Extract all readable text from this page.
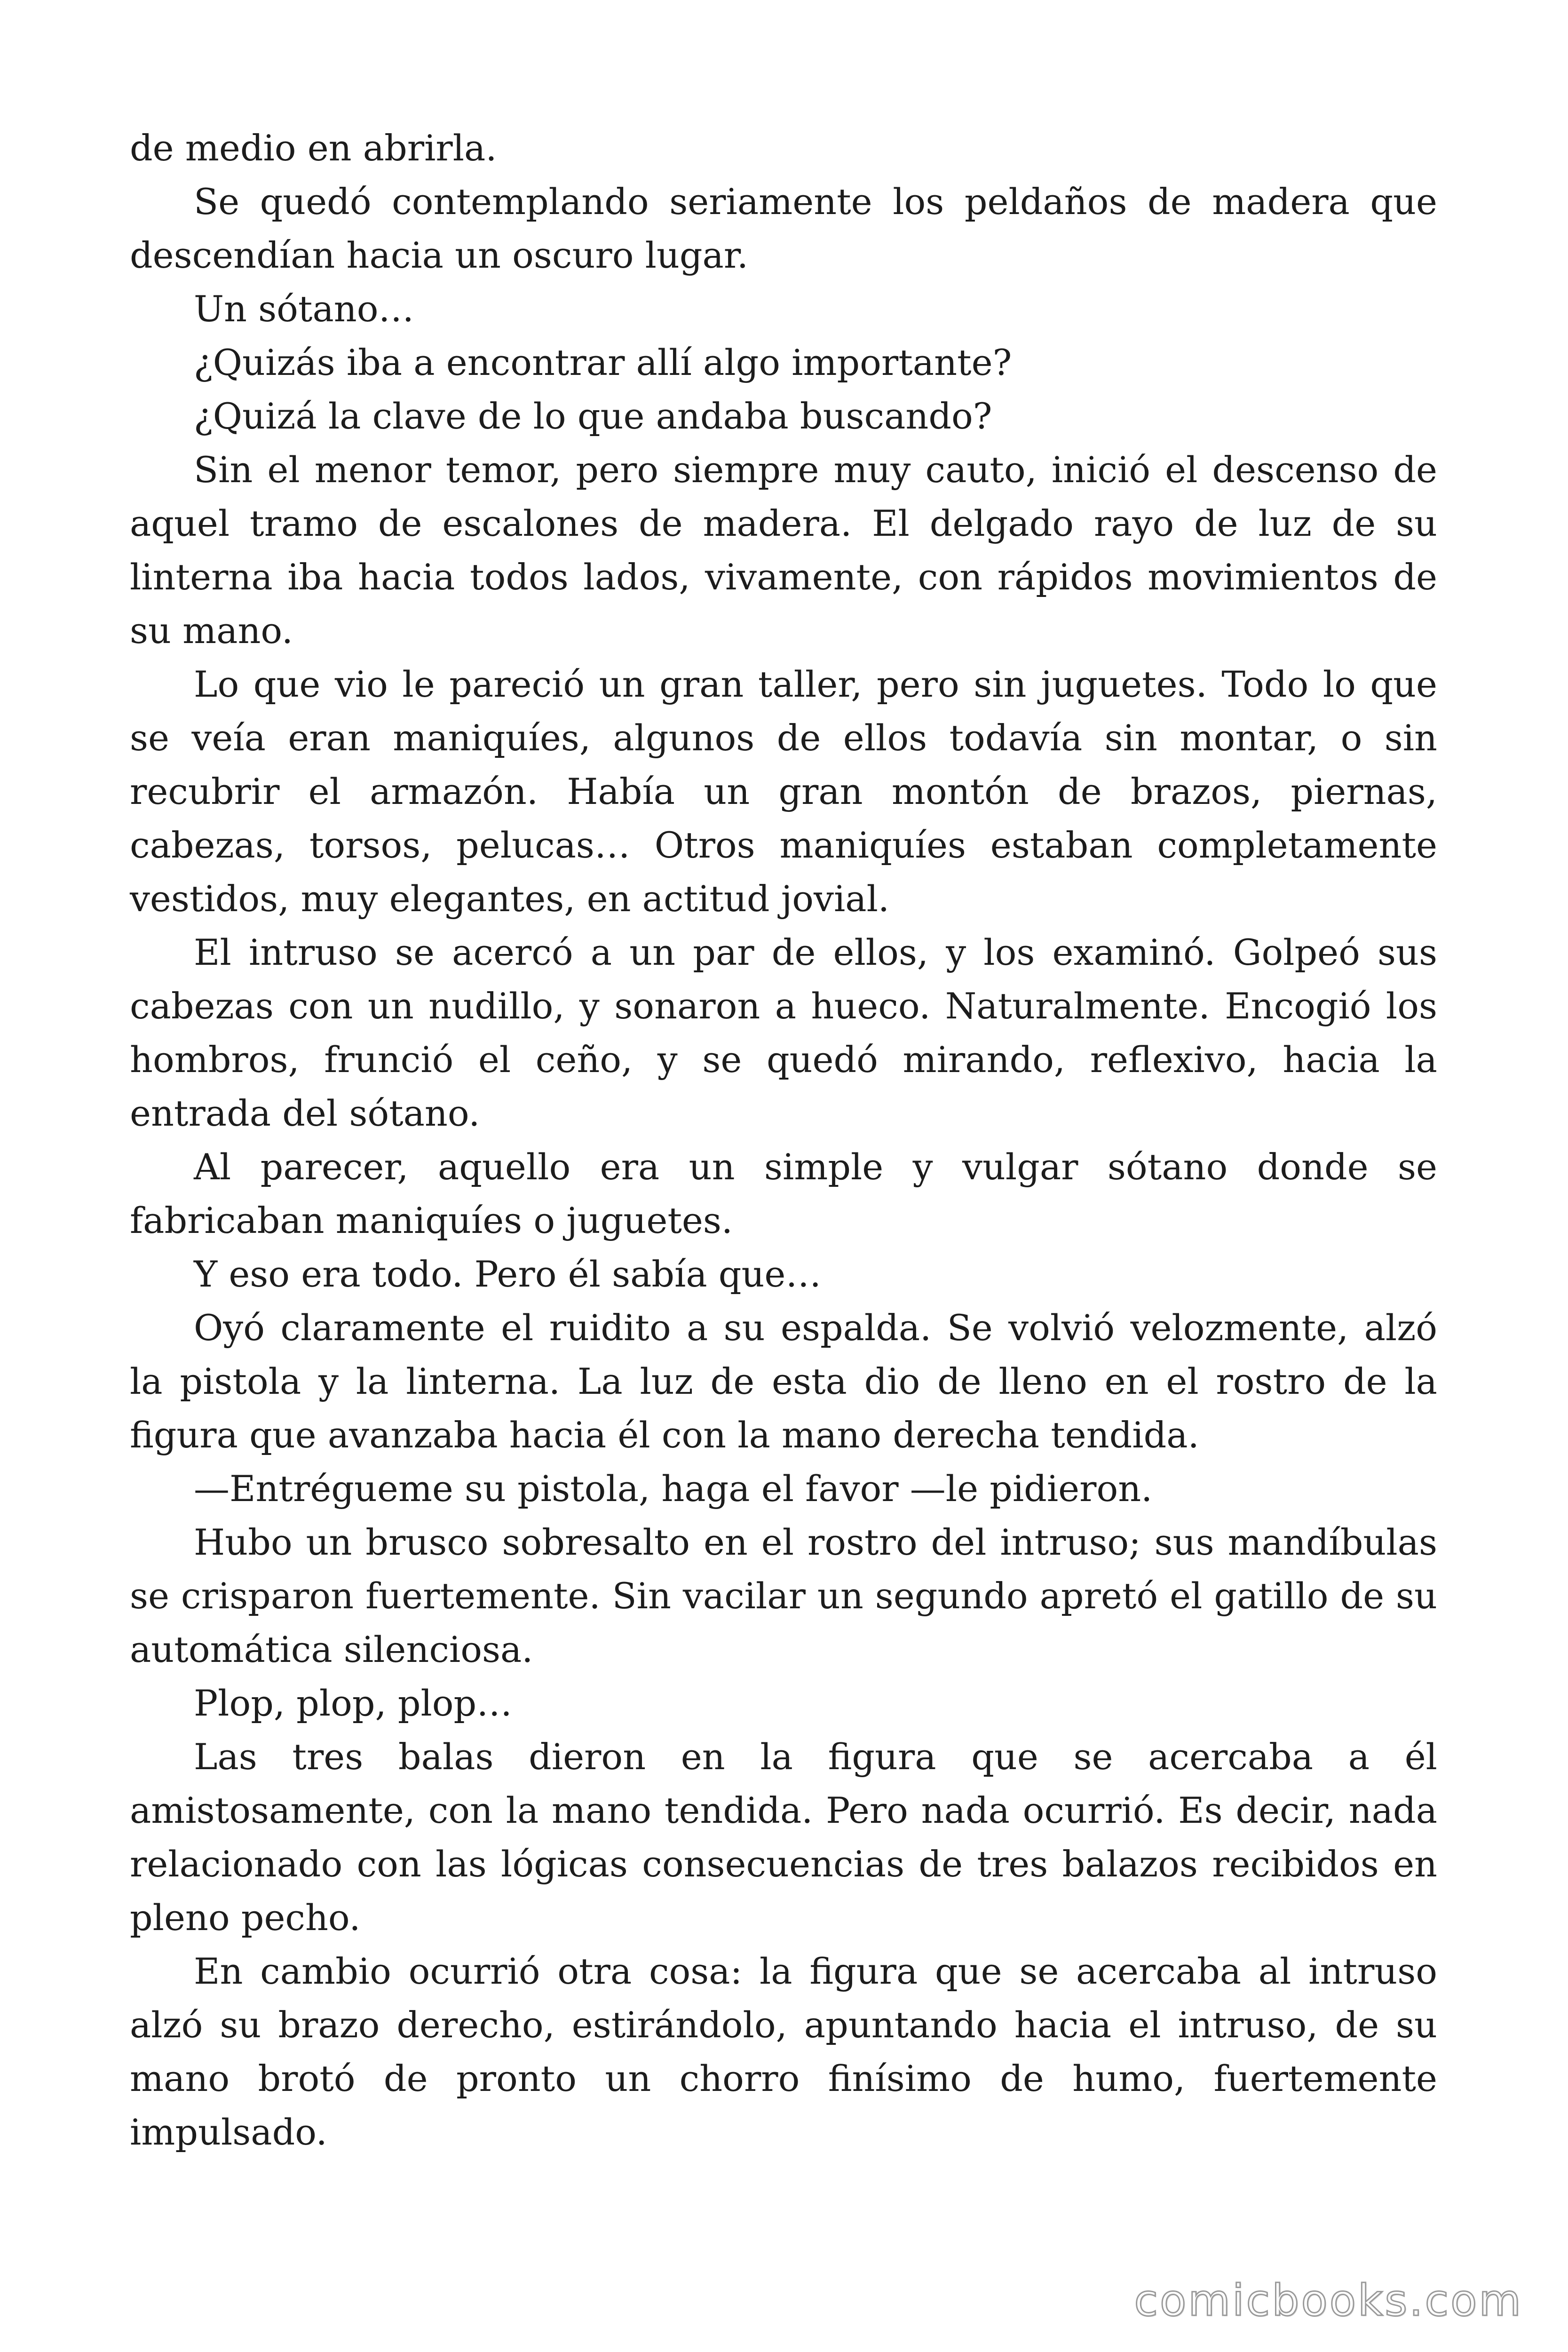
de medio en abrirla.

Se quedó contemplando seriamente los peldaños de madera que descendían hacia un oscuro lugar.

Un sótano…

¿Quizás iba a encontrar allí algo importante?

¿Quizá la clave de lo que andaba buscando?

Sin el menor temor, pero siempre muy cauto, inició el descenso de aquel tramo de escalones de madera. El delgado rayo de luz de su linterna iba hacia todos lados, vivamente, con rápidos movimientos de su mano.

Lo que vio le pareció un gran taller, pero sin juguetes. Todo lo que se veía eran maniquíes, algunos de ellos todavía sin montar, o sin recubrir el armazón. Había un gran montón de brazos, piernas, cabezas, torsos, pelucas… Otros maniquíes estaban completamente vestidos, muy elegantes, en actitud jovial.

El intruso se acercó a un par de ellos, y los examinó. Golpeó sus cabezas con un nudillo, y sonaron a hueco. Naturalmente. Encogió los hombros, frunció el ceño, y se quedó mirando, reflexivo, hacia la entrada del sótano.

Al parecer, aquello era un simple y vulgar sótano donde se fabricaban maniquíes o juguetes.

Y eso era todo. Pero él sabía que…

Oyó claramente el ruidito a su espalda. Se volvió velozmente, alzó la pistola y la linterna. La luz de esta dio de lleno en el rostro de la figura que avanzaba hacia él con la mano derecha tendida.

—Entrégueme su pistola, haga el favor —le pidieron.

Hubo un brusco sobresalto en el rostro del intruso; sus mandíbulas se crisparon fuertemente. Sin vacilar un segundo apretó el gatillo de su automática silenciosa.

Plop, plop, plop…

Las tres balas dieron en la figura que se acercaba a él amistosamente, con la mano tendida. Pero nada ocurrió. Es decir, nada relacionado con las lógicas consecuencias de tres balazos recibidos en pleno pecho.

En cambio ocurrió otra cosa: la figura que se acercaba al intruso alzó su brazo derecho, estirándolo, apuntando hacia el intruso, de su mano brotó de pronto un chorro finísimo de humo, fuertemente impulsado.

comicbooks.com
